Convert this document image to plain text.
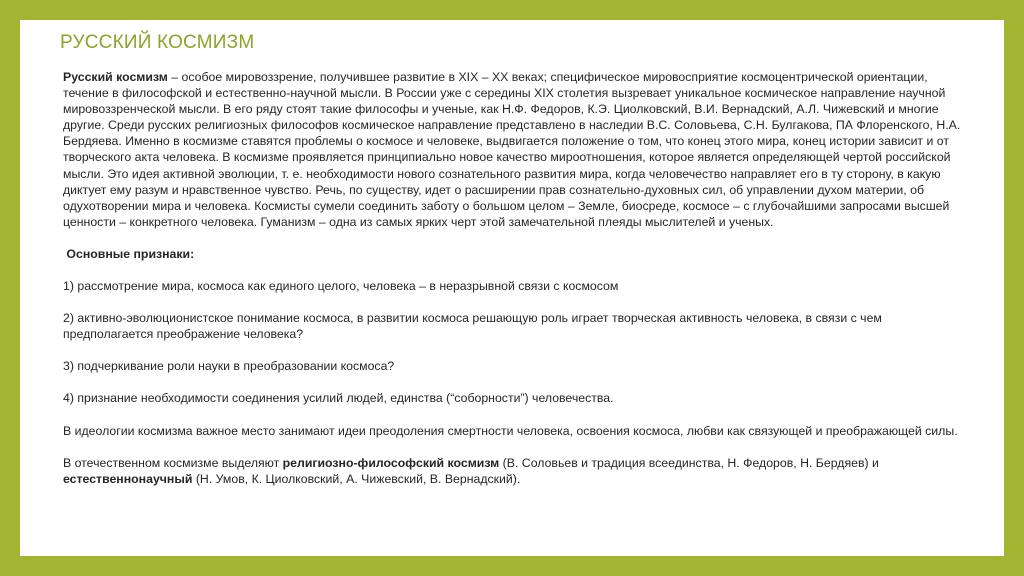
РУССКИЙ КОСМИЗМ

Русский космизм – особое мировоззрение, получившее развитие в XIX – XX веках; специфическое мировосприятие космоцентрической ориентации, течение в философской и естественно-научной мысли. В России уже с середины XIX столетия вызревает уникальное космическое направление научной мировоззренческой мысли. В его ряду стоят такие философы и ученые, как Н.Ф. Федоров, К.Э. Циолковский, В.И. Вернадский, А.Л. Чижевский и многие другие. Среди русских религиозных философов космическое направление представлено в наследии В.С. Соловьева, С.Н. Булгакова, ПА Флоренского, Н.А. Бердяева. Именно в космизме ставятся проблемы о космосе и человеке, выдвигается положение о том, что конец этого мира, конец истории зависит и от творческого акта человека. В космизме проявляется принципиально новое качество мироотношения, которое является определяющей чертой российской мысли. Это идея активной эволюции, т. е. необходимости нового сознательного развития мира, когда человечество направляет его в ту сторону, в какую диктует ему разум и нравственное чувство. Речь, по существу, идет о расширении прав сознательно-духовных сил, об управлении духом материи, об одухотворении мира и человека. Космисты сумели соединить заботу о большом целом – Земле, биосреде, космосе – с глубочайшими запросами высшей ценности – конкретного человека. Гуманизм – одна из самых ярких черт этой замечательной плеяды мыслителей и ученых.

Основные признаки:

1) рассмотрение мира, космоса как единого целого, человека – в неразрывной связи с космосом

2) активно-эволюционистское понимание космоса, в развитии космоса решающую роль играет творческая активность человека, в связи с чем предполагается преображение человека?

3) подчеркивание роли науки в преобразовании космоса?

4) признание необходимости соединения усилий людей, единства (“соборности”) человечества.

В идеологии космизма важное место занимают идеи преодоления смертности человека, освоения космоса, любви как связующей и преображающей силы.

В отечественном космизме выделяют религиозно-философский космизм (В. Соловьев и традиция всеединства, Н. Федоров, Н. Бердяев) и естественнонаучный (Н. Умов, К. Циолковский, А. Чижевский, В. Вернадский).
